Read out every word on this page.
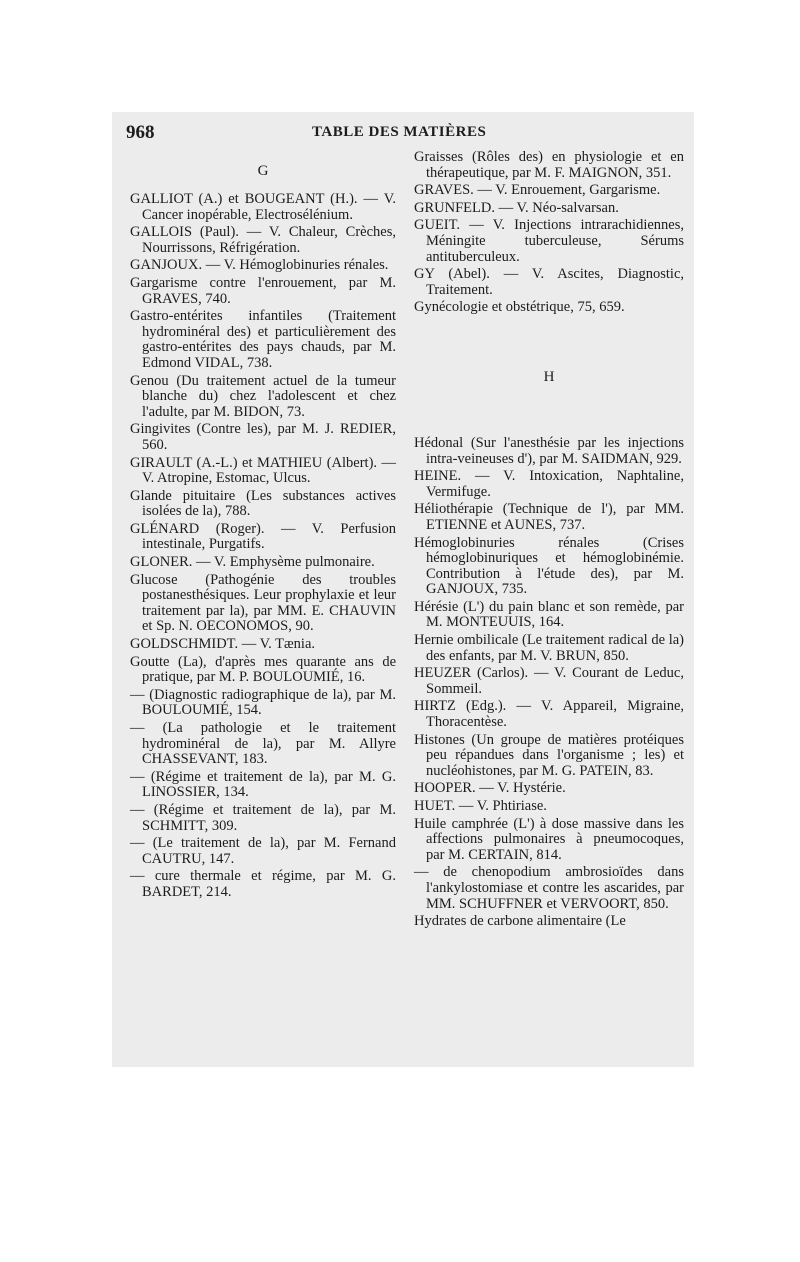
968	TABLE DES MATIÈRES

G

GALLIOT (A.) et BOUGEANT (H.). — V. Cancer inopérable, Electrosélénium.

GALLOIS (Paul). — V. Chaleur, Crèches, Nourrissons, Réfrigération.

GANJOUX. — V. Hémoglobinuries rénales.

Gargarisme contre l'enrouement, par M. GRAVES, 740.

Gastro-entérites infantiles (Traitement hydrominéral des) et particulièrement des gastro-entérites des pays chauds, par M. Edmond VIDAL, 738.

Genou (Du traitement actuel de la tumeur blanche du) chez l'adolescent et chez l'adulte, par M. BIDON, 73.

Gingivites (Contre les), par M. J. REDIER, 560.

GIRAULT (A.-L.) et MATHIEU (Albert). — V. Atropine, Estomac, Ulcus.

Glande pituitaire (Les substances actives isolées de la), 788.

GLÉNARD (Roger). — V. Perfusion intestinale, Purgatifs.

GLONER. — V. Emphysème pulmonaire.

Glucose (Pathogénie des troubles postanesthésiques. Leur prophylaxie et leur traitement par la), par MM. E. CHAUVIN et Sp. N. OECONOMOS, 90.

GOLDSCHMIDT. — V. Tænia.

Goutte (La), d'après mes quarante ans de pratique, par M. P. BOULOUMIÉ, 16.

— (Diagnostic radiographique de la), par M. BOULOUMIÉ, 154.

— (La pathologie et le traitement hydrominéral de la), par M. Allyre CHASSEVANT, 183.

— (Régime et traitement de la), par M. G. LINOSSIER, 134.

— (Régime et traitement de la), par M. SCHMITT, 309.

— (Le traitement de la), par M. Fernand CAUTRU, 147.

— cure thermale et régime, par M. G. BARDET, 214.

Graisses (Rôles des) en physiologie et en thérapeutique, par M. F. MAIGNON, 351.

GRAVES. — V. Enrouement, Gargarisme.

GRUNFELD. — V. Néo-salvarsan.

GUEIT. — V. Injections intrarachidiennes, Méningite tuberculeuse, Sérums antituberculeux.

GY (Abel). — V. Ascites, Diagnostic, Traitement.

Gynécologie et obstétrique, 75, 659.

H

Hédonal (Sur l'anesthésie par les injections intra-veineuses d'), par M. SAIDMAN, 929.

HEINE. — V. Intoxication, Naphtaline, Vermifuge.

Héliothérapie (Technique de l'), par MM. ETIENNE et AUNES, 737.

Hémoglobinuries rénales (Crises hémoglobinuriques et hémoglobinémie. Contribution à l'étude des), par M. GANJOUX, 735.

Hérésie (L') du pain blanc et son remède, par M. MONTEUUIS, 164.

Hernie ombilicale (Le traitement radical de la) des enfants, par M. V. BRUN, 850.

HEUZER (Carlos). — V. Courant de Leduc, Sommeil.

HIRTZ (Edg.). — V. Appareil, Migraine, Thoracentèse.

Histones (Un groupe de matières protéiques peu répandues dans l'organisme ; les) et nucléohistones, par M. G. PATEIN, 83.

HOOPER. — V. Hystérie.

HUET. — V. Phtiriase.

Huile camphrée (L') à dose massive dans les affections pulmonaires à pneumocoques, par M. CERTAIN, 814.

— de chenopodium ambrosioïdes dans l'ankylostomiase et contre les ascarides, par MM. SCHUFFNER et VERVOORT, 850.

Hydrates de carbone alimentaire (Le
